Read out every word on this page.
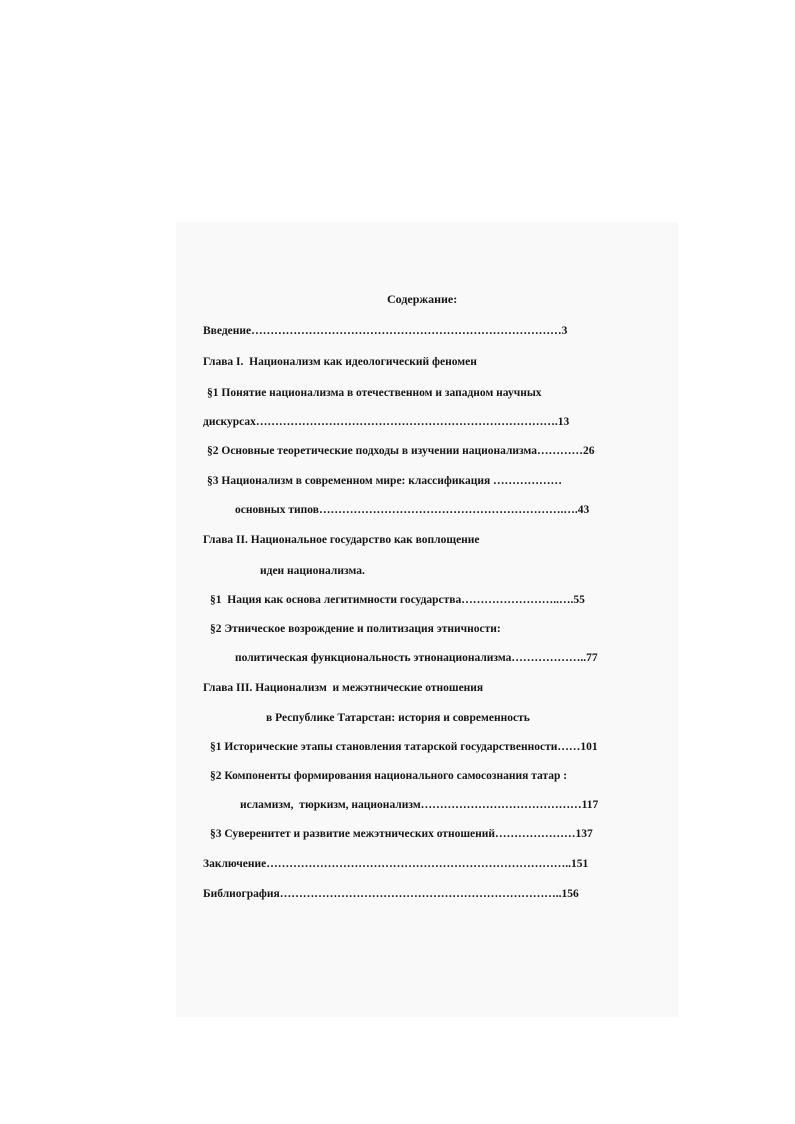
Содержание:
Введение………………………………………………………………………3
Глава I.  Национализм как идеологический феномен
§1 Понятие национализма в отечественном и западном научных
дискурсах…………………………………………………………………….13
§2 Основные теоретические подходы в изучении национализма…………26
§3 Национализм в современном мире: классификация ………………
основных типов……………………………………………………….….43
Глава II. Национальное государство как воплощение
идеи национализма.
§1  Нация как основа легитимности государства……………………..….55
§2 Этническое возрождение и политизация этничности:
политическая функциональность этнонационализма………………..77
Глава III. Национализм  и межэтнические отношения
в Республике Татарстан: история и современность
§1 Исторические этапы становления татарской государственности……101
§2 Компоненты формирования национального самосознания татар :
исламизм,  тюркизм, национализм……………………………………117
§3 Суверенитет и развитие межэтнических отношений…………………137
Заключение……………………………………………………………………..151
Библиография………………………………………………………………..156
